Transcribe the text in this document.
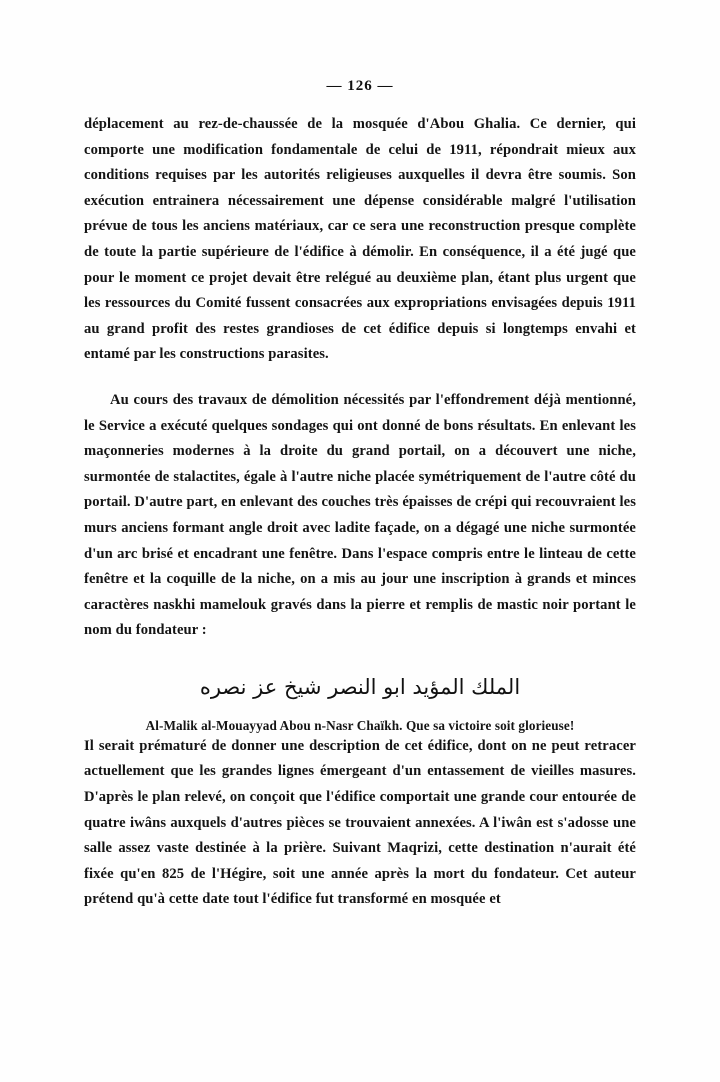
— 126 —

déplacement au rez-de-chaussée de la mosquée d'Abou Ghalia. Ce dernier, qui comporte une modification fondamentale de celui de 1911, répondrait mieux aux conditions requises par les autorités religieuses auxquelles il devra être soumis. Son exécution entrainera nécessairement une dépense considérable malgré l'utilisation prévue de tous les anciens matériaux, car ce sera une reconstruction presque complète de toute la partie supérieure de l'édifice à démolir. En conséquence, il a été jugé que pour le moment ce projet devait être relégué au deuxième plan, étant plus urgent que les ressources du Comité fussent consacrées aux expropriations envisagées depuis 1911 au grand profit des restes grandioses de cet édifice depuis si longtemps envahi et entamé par les constructions parasites.

Au cours des travaux de démolition nécessités par l'effondrement déjà mentionné, le Service a exécuté quelques sondages qui ont donné de bons résultats. En enlevant les maçonneries modernes à la droite du grand portail, on a découvert une niche, surmontée de stalactites, égale à l'autre niche placée symétriquement de l'autre côté du portail. D'autre part, en enlevant des couches très épaisses de crépi qui recouvraient les murs anciens formant angle droit avec ladite façade, on a dégagé une niche surmontée d'un arc brisé et encadrant une fenêtre. Dans l'espace compris entre le linteau de cette fenêtre et la coquille de la niche, on a mis au jour une inscription à grands et minces caractères naskhi mamelouk gravés dans la pierre et remplis de mastic noir portant le nom du fondateur :

الملك المؤيد ابو النصر شيخ عز نصره
Al-Malik al-Mouayyad Abou n-Nasr Chaïkh. Que sa victoire soit glorieuse!

Il serait prématuré de donner une description de cet édifice, dont on ne peut retracer actuellement que les grandes lignes émergeant d'un entassement de vieilles masures. D'après le plan relevé, on conçoit que l'édifice comportait une grande cour entourée de quatre iwâns auxquels d'autres pièces se trouvaient annexées. A l'iwân est s'adosse une salle assez vaste destinée à la prière. Suivant Maqrizi, cette destination n'aurait été fixée qu'en 825 de l'Hégire, soit une année après la mort du fondateur. Cet auteur prétend qu'à cette date tout l'édifice fut transformé en mosquée et
